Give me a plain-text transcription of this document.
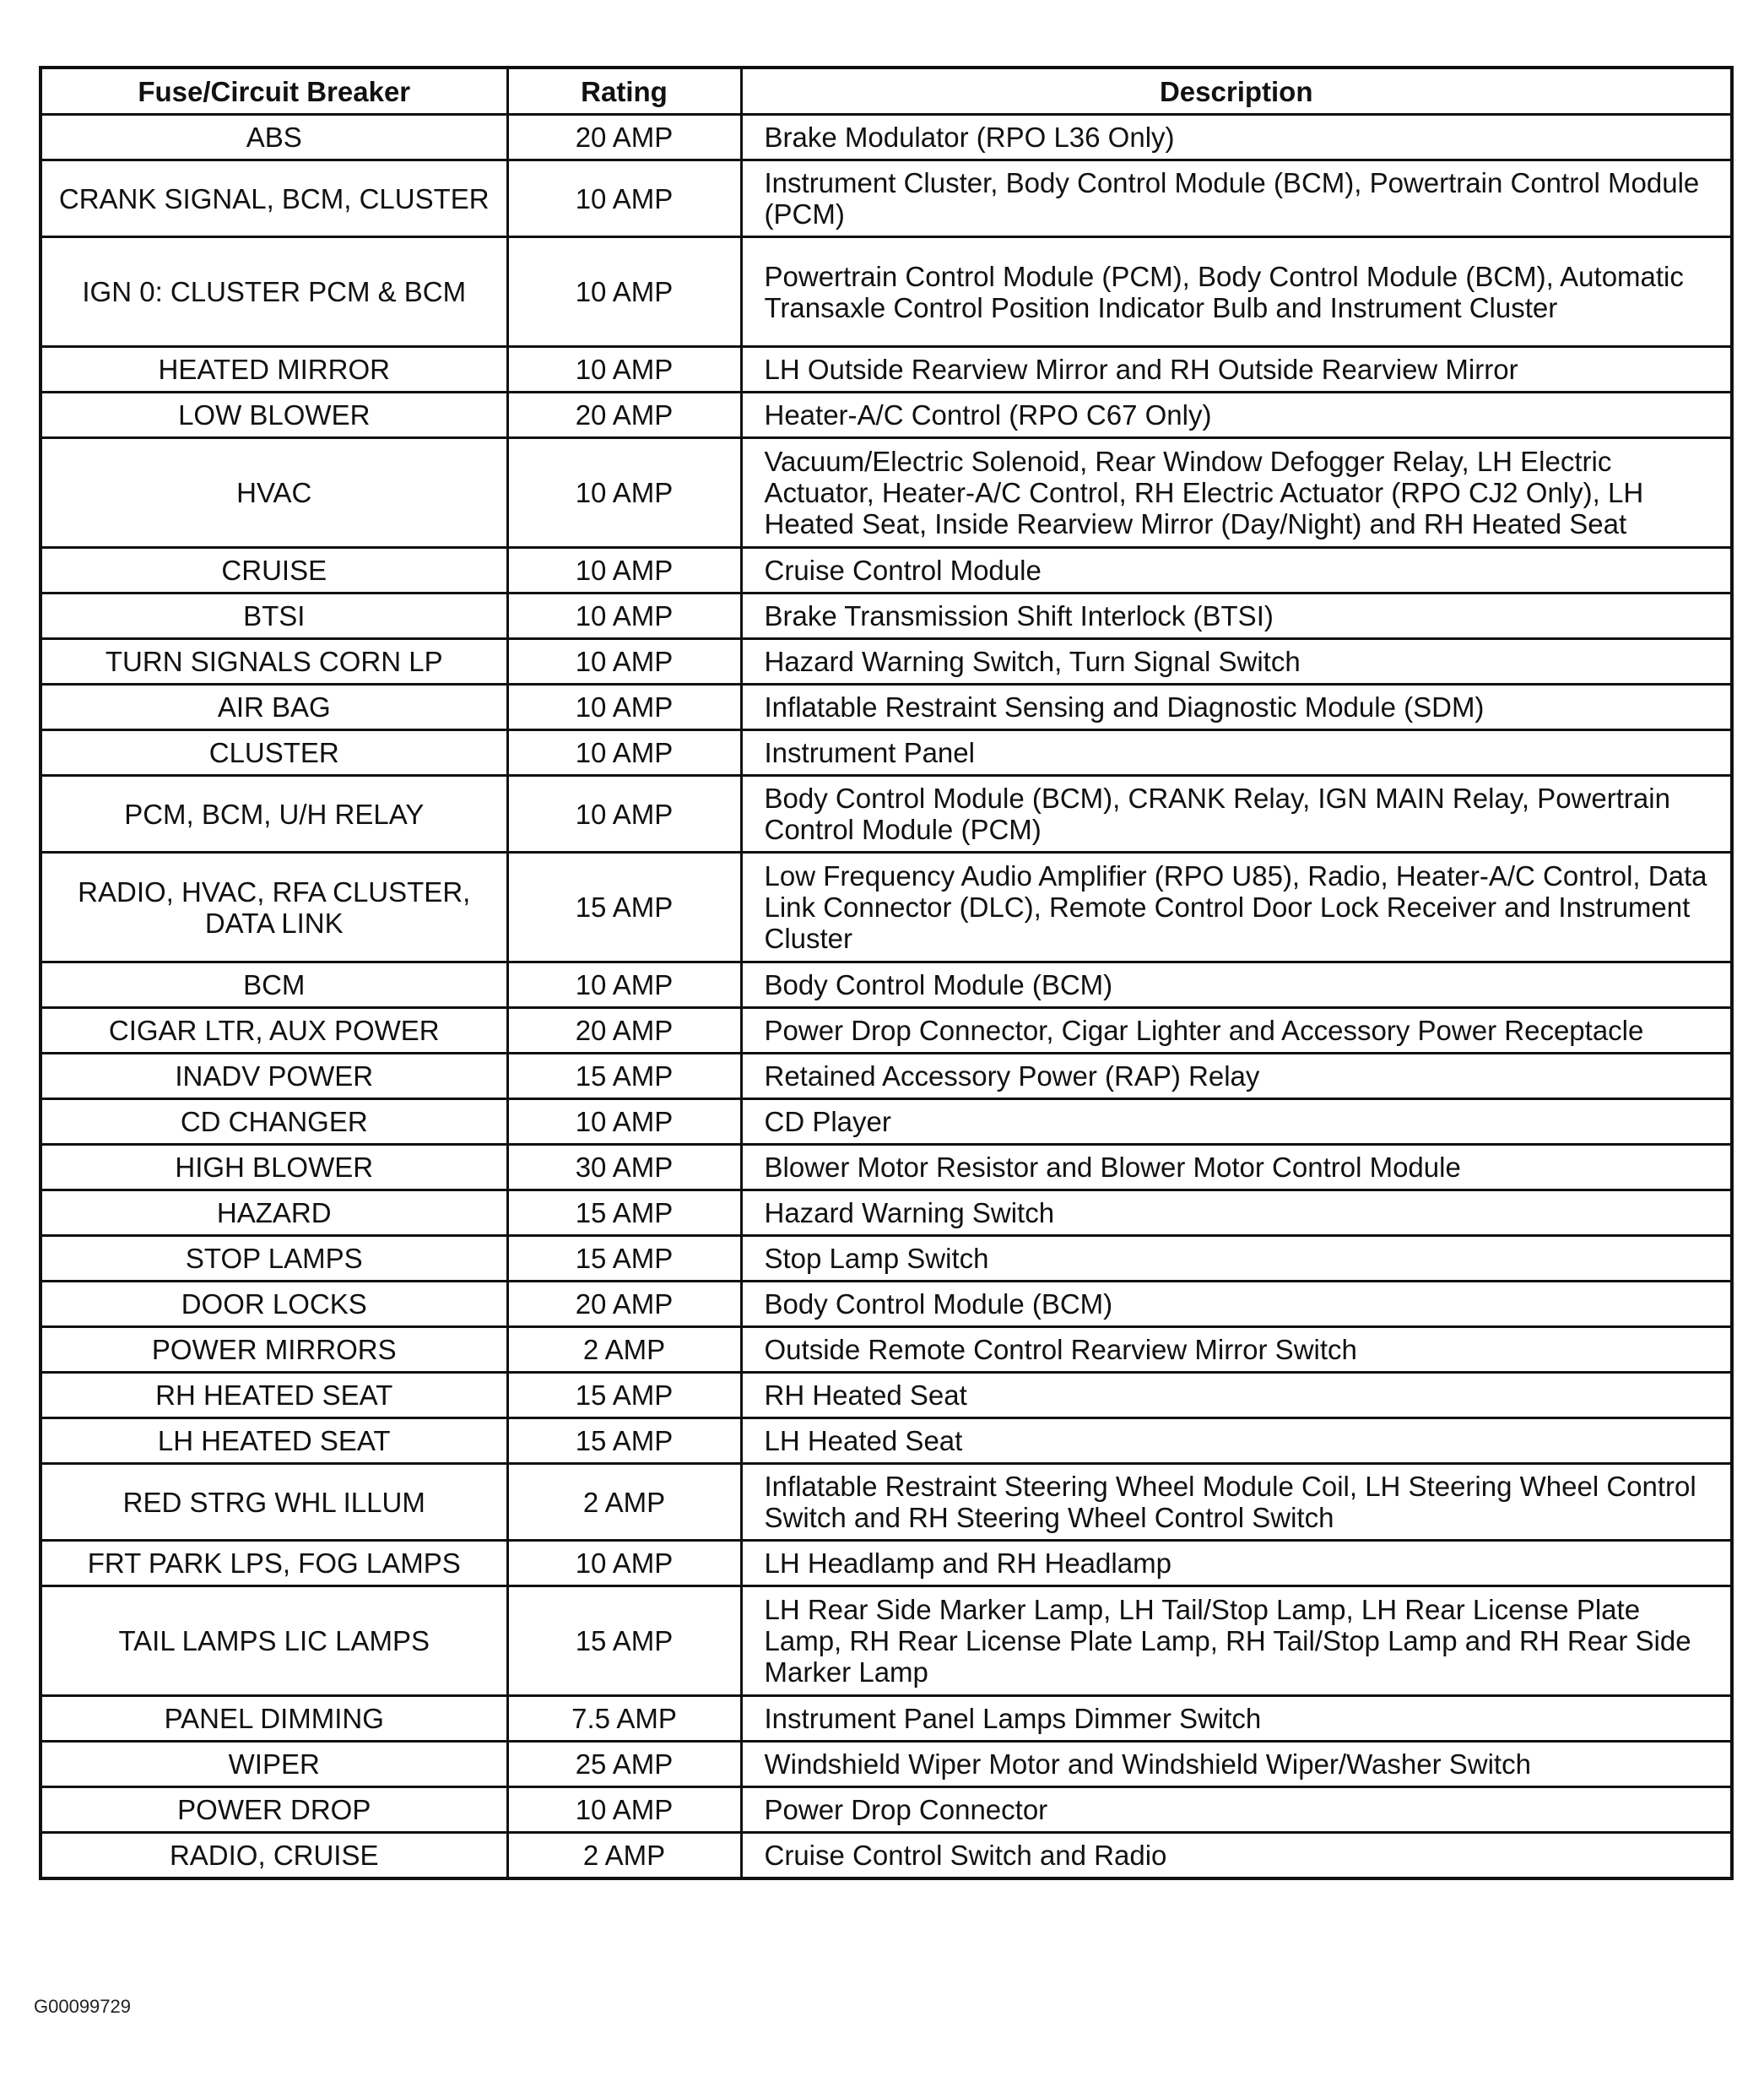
Fuse/Circuit Breaker	Rating	Description
ABS	20 AMP	Brake Modulator (RPO L36 Only)
CRANK SIGNAL, BCM, CLUSTER	10 AMP	Instrument Cluster, Body Control Module (BCM), Powertrain Control Module (PCM)
IGN 0: CLUSTER PCM & BCM	10 AMP	Powertrain Control Module (PCM), Body Control Module (BCM), Automatic Transaxle Control Position Indicator Bulb and Instrument Cluster
HEATED MIRROR	10 AMP	LH Outside Rearview Mirror and RH Outside Rearview Mirror
LOW BLOWER	20 AMP	Heater-A/C Control (RPO C67 Only)
HVAC	10 AMP	Vacuum/Electric Solenoid, Rear Window Defogger Relay, LH Electric Actuator, Heater-A/C Control, RH Electric Actuator (RPO CJ2 Only), LH Heated Seat, Inside Rearview Mirror (Day/Night) and RH Heated Seat
CRUISE	10 AMP	Cruise Control Module
BTSI	10 AMP	Brake Transmission Shift Interlock (BTSI)
TURN SIGNALS CORN LP	10 AMP	Hazard Warning Switch, Turn Signal Switch
AIR BAG	10 AMP	Inflatable Restraint Sensing and Diagnostic Module (SDM)
CLUSTER	10 AMP	Instrument Panel
PCM, BCM, U/H RELAY	10 AMP	Body Control Module (BCM), CRANK Relay, IGN MAIN Relay, Powertrain Control Module (PCM)
RADIO, HVAC, RFA CLUSTER, DATA LINK	15 AMP	Low Frequency Audio Amplifier (RPO U85), Radio, Heater-A/C Control, Data Link Connector (DLC), Remote Control Door Lock Receiver and Instrument Cluster
BCM	10 AMP	Body Control Module (BCM)
CIGAR LTR, AUX POWER	20 AMP	Power Drop Connector, Cigar Lighter and Accessory Power Receptacle
INADV POWER	15 AMP	Retained Accessory Power (RAP) Relay
CD CHANGER	10 AMP	CD Player
HIGH BLOWER	30 AMP	Blower Motor Resistor and Blower Motor Control Module
HAZARD	15 AMP	Hazard Warning Switch
STOP LAMPS	15 AMP	Stop Lamp Switch
DOOR LOCKS	20 AMP	Body Control Module (BCM)
POWER MIRRORS	2 AMP	Outside Remote Control Rearview Mirror Switch
RH HEATED SEAT	15 AMP	RH Heated Seat
LH HEATED SEAT	15 AMP	LH Heated Seat
RED STRG WHL ILLUM	2 AMP	Inflatable Restraint Steering Wheel Module Coil, LH Steering Wheel Control Switch and RH Steering Wheel Control Switch
FRT PARK LPS, FOG LAMPS	10 AMP	LH Headlamp and RH Headlamp
TAIL LAMPS LIC LAMPS	15 AMP	LH Rear Side Marker Lamp, LH Tail/Stop Lamp, LH Rear License Plate Lamp, RH Rear License Plate Lamp, RH Tail/Stop Lamp and RH Rear Side Marker Lamp
PANEL DIMMING	7.5 AMP	Instrument Panel Lamps Dimmer Switch
WIPER	25 AMP	Windshield Wiper Motor and Windshield Wiper/Washer Switch
POWER DROP	10 AMP	Power Drop Connector
RADIO, CRUISE	2 AMP	Cruise Control Switch and Radio
G00099729
